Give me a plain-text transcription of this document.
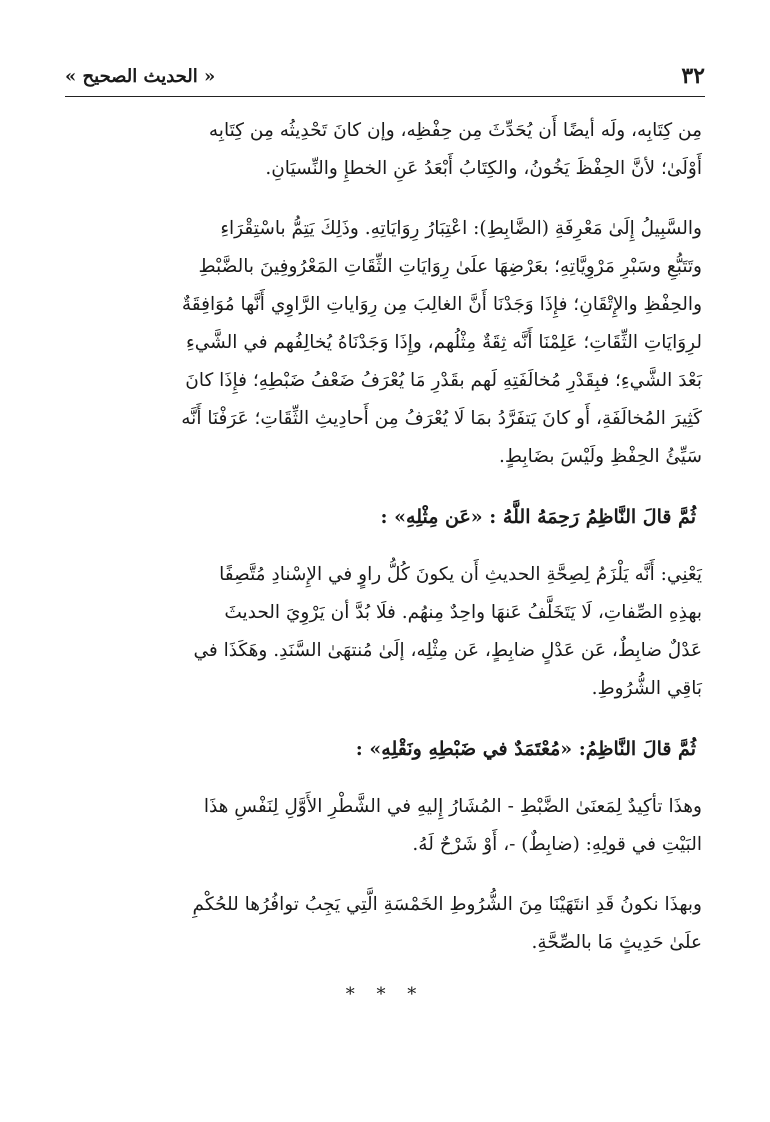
٣٢
« الحديث الصحيح »

مِن كِتَابِه، ولَه أيضًا أَن يُحَدِّثَ مِن حِفْظِه، وإن كانَ تَحْدِيثُه مِن كِتَابِه
أَوْلَىٰ؛ لأنَّ الحِفْظَ يَخُونُ، والكِتَابُ أَبْعَدُ عَنِ الخطإِ والنِّسيَانِ.

والسَّبِيلُ إِلَىٰ مَعْرِفَةِ (الضَّابِطِ): اعْتِبَارُ رِوَايَاتِهِ. وذَلِكَ يَتِمُّ باسْتِقْرَاءِ
وتَتَبُّعِ وسَبْرِ مَرْوِيَّاتِهِ؛ بعَرْضِهَا علَىٰ رِوَايَاتِ الثِّقَاتِ المَعْرُوفِينَ بالضَّبْطِ
والحِفْظِ والإِتْقَانِ؛ فإِذَا وَجَدْنَا أَنَّ الغالِبَ مِن رِوَاياتِ الرَّاوِي أَنَّها مُوَافِقَةٌ
لرِوَايَاتِ الثِّقَاتِ؛ عَلِمْنَا أَنَّه ثِقَةٌ مِثْلُهم، وإِذَا وَجَدْنَاهُ يُخالِفُهم في الشَّيءِ
بَعْدَ الشَّيءِ؛ فبِقَدْرِ مُخالَفَتِهِ لَهم بقَدْرِ مَا يُعْرَفُ ضَعْفُ ضَبْطِهِ؛ فإِذَا كانَ
كَثِيرَ المُخالَفَةِ، أَو كانَ يَتفَرَّدُ بمَا لَا يُعْرَفُ مِن أَحادِيثِ الثِّقَاتِ؛ عَرَفْنَا أَنَّه
سَيِّئُ الحِفْظِ ولَيْسَ بضَابِطٍ.

ثُمَّ قالَ النَّاظِمُ رَحِمَهُ اللَّهُ : «عَن مِثْلِهِ» :

يَعْنِي: أَنَّه يَلْزَمُ لِصِحَّةِ الحديثِ أَن يكونَ كُلُّ راوٍ في الإِسْنادِ مُتَّصِفًا
بهذِهِ الصِّفاتِ، لَا يَتَخَلَّفُ عَنهَا واحِدٌ مِنهُم. فلَا بُدَّ أن يَرْوِيَ الحديثَ
عَدْلٌ ضابِطٌ، عَن عَدْلٍ ضابِطٍ، عَن مِثْلِه، إلَىٰ مُنتهَىٰ السَّنَدِ. وهَكَذَا في
بَاقِي الشُّرُوطِ.

ثُمَّ قالَ النَّاظِمُ: «مُعْتَمَدٌ في ضَبْطِهِ ونَقْلِهِ» :

وهذَا تأكِيدٌ لِمَعنَىٰ الضَّبْطِ - المُشَارُ إِليهِ في الشَّطْرِ الأَوَّلِ لِنَفْسِ هذَا
البَيْتِ في قولِهِ: (ضابِطٌ) -، أَوْ شَرْحٌ لَهُ.

وبهذَا نكونُ قَدِ انتَهَيْنَا مِنَ الشُّرُوطِ الخَمْسَةِ الَّتِي يَجِبُ توافُرُها للحُكْمِ
علَىٰ حَدِيثٍ مَا بالصِّحَّةِ.

* * *
